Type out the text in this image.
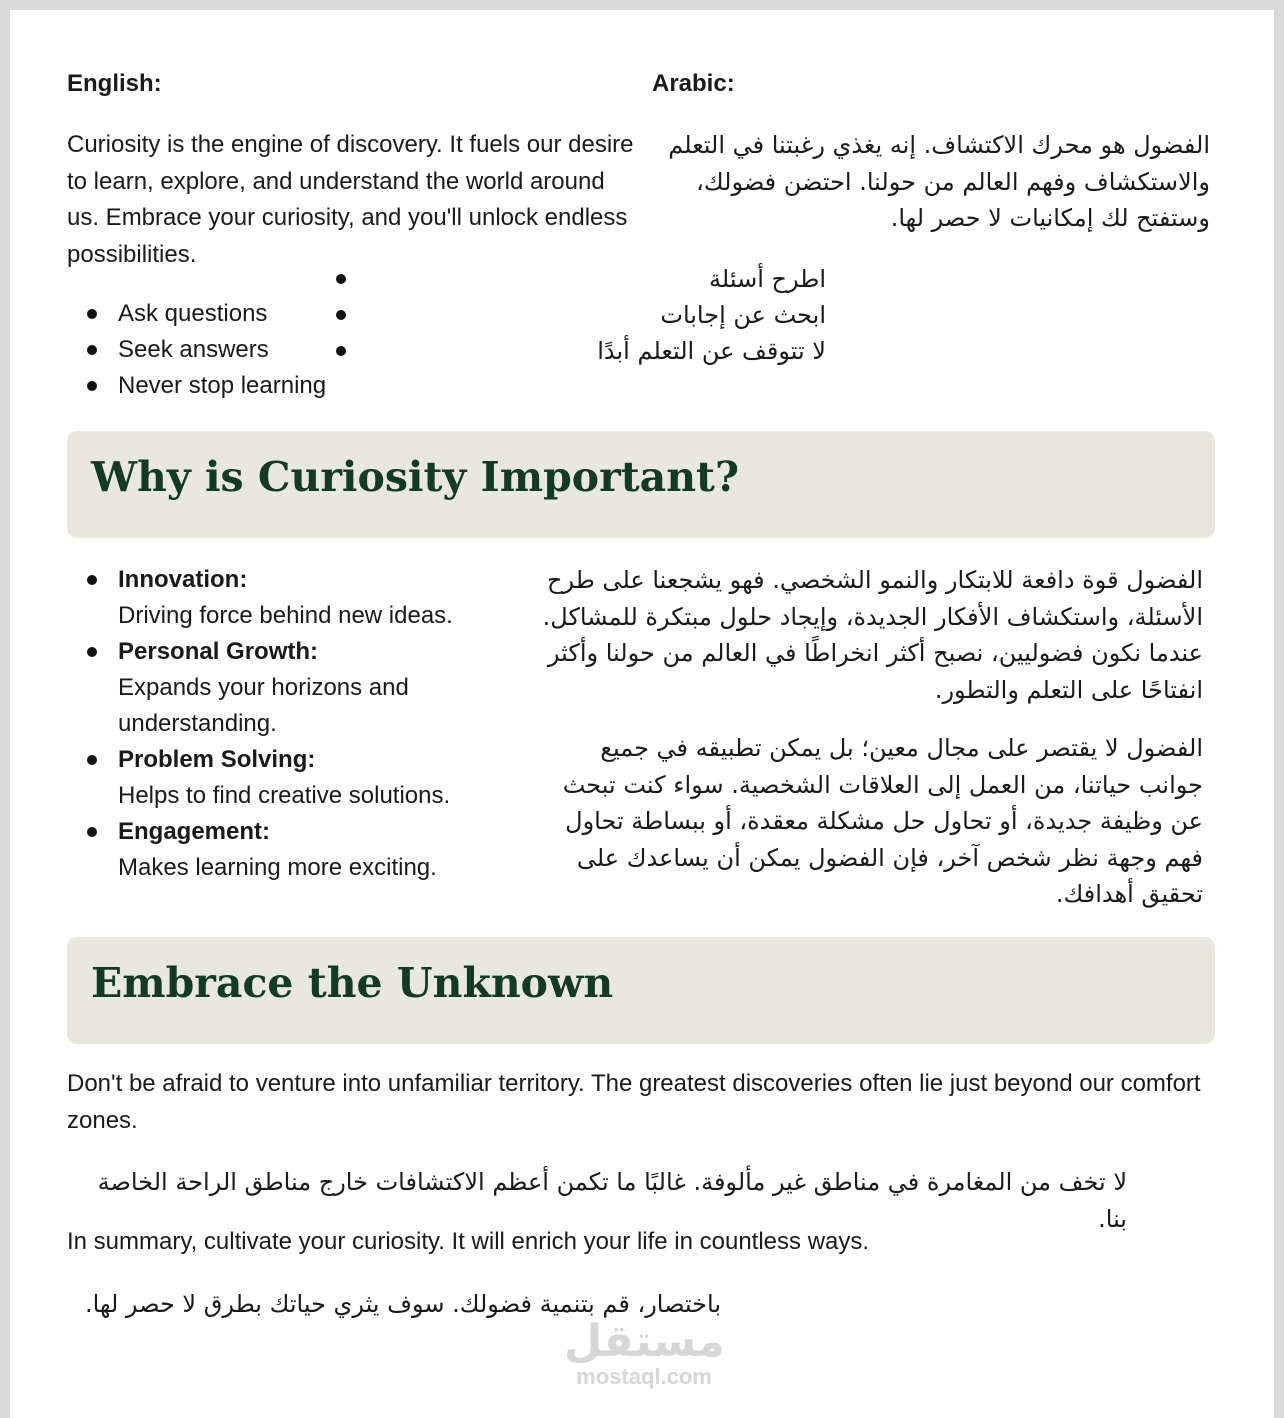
English:	Arabic:

Curiosity is the engine of discovery. It fuels our desire to learn, explore, and understand the world around us. Embrace your curiosity, and you'll unlock endless possibilities.

الفضول هو محرك الاكتشاف. إنه يغذي رغبتنا في التعلم والاستكشاف وفهم العالم من حولنا. احتضن فضولك، وستفتح لك إمكانيات لا حصر لها.

Ask questions
Seek answers
Never stop learning
اطرح أسئلة
ابحث عن إجابات
لا تتوقف عن التعلم أبدًا
Why is Curiosity Important?
Innovation:
Driving force behind new ideas.
Personal Growth:
Expands your horizons and understanding.
Problem Solving:
Helps to find creative solutions.
Engagement:
Makes learning more exciting.

الفضول قوة دافعة للابتكار والنمو الشخصي. فهو يشجعنا على طرح الأسئلة، واستكشاف الأفكار الجديدة، وإيجاد حلول مبتكرة للمشاكل. عندما نكون فضوليين، نصبح أكثر انخراطًا في العالم من حولنا وأكثر انفتاحًا على التعلم والتطور.

الفضول لا يقتصر على مجال معين؛ بل يمكن تطبيقه في جميع جوانب حياتنا، من العمل إلى العلاقات الشخصية. سواء كنت تبحث عن وظيفة جديدة، أو تحاول حل مشكلة معقدة، أو ببساطة تحاول فهم وجهة نظر شخص آخر، فإن الفضول يمكن أن يساعدك على تحقيق أهدافك.

Embrace the Unknown

Don't be afraid to venture into unfamiliar territory. The greatest discoveries often lie just beyond our comfort zones.

لا تخف من المغامرة في مناطق غير مألوفة. غالبًا ما تكمن أعظم الاكتشافات خارج مناطق الراحة الخاصة بنا.

In summary, cultivate your curiosity. It will enrich your life in countless ways.

باختصار، قم بتنمية فضولك. سوف يثري حياتك بطرق لا حصر لها.

مستقل
mostaql.com
